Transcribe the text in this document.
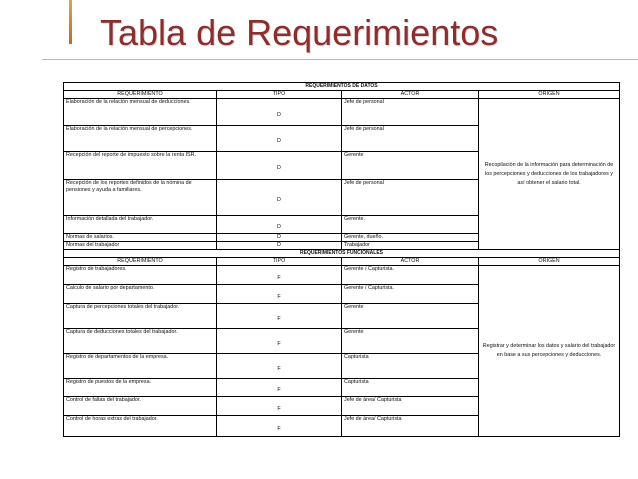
Tabla de Requerimientos
REQUERIMIENTOS DE DATOS			
REQUERIMIENTO	TIPO	ACTOR	ORIGEN
Elaboración de la relación mensual de deducciones.	D	Jefe de personal	Recopilación de la información para determinación de los percepciones y deducciones de los trabajadores y así obtener el salario total.
Elaboración de la relación mensual de percepciones.	D	Jefe de personal	
Recepción del reporte de impuesto sobre la renta ISR.	D	Gerente	
Recepción de los reportes definidos de la nómina de pensiones y ayuda a familiares.	D	Jefe de personal	
Información detallada del trabajador.	D	Gerente.	
Normas de salarios.	D	Gerente, dueño.	
Normas del trabajador	D	Trabajador	
REQUERIMIENTOS FUNCIONALES			
REQUERIMIENTO	TIPO	ACTOR	ORIGEN
Registro de trabajadores.	F	Gerente / Capturista.	Registrar y determinar los datos y salario del trabajador en base a sus percepciones y deducciones.
Calculo de salario por departamento.	F	Gerente / Capturista.	
Captura de percepciones totales del trabajador.	F	Gerente	
Captura de deducciones totales del trabajador.	F	Gerente	
Registro de departamentos de la empresa.	F	Capturista	
Registro de puestos de la empresa.	F	Capturista	
Control de faltas del trabajador.	F	Jefe de área/ Capturista	
Control de horas extras del trabajador.	F	Jefe de área/ Capturista	
